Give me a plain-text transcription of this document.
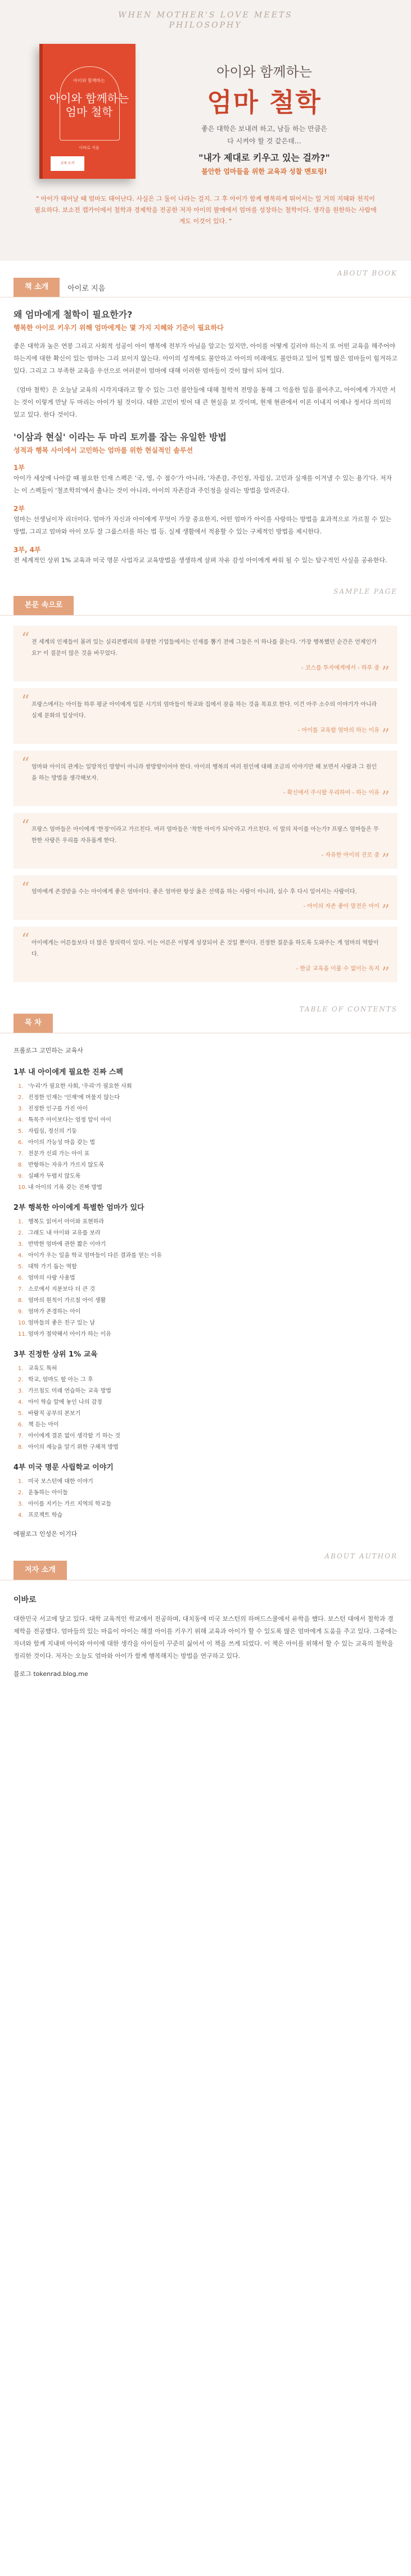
WHEN MOTHER'S LOVE MEETS
PHILOSOPHY
아이와 함께하는
아이와 함께하는
엄마 철학
이바로 지음
교육 도서
아이와 함께하는
엄마 철학
좋은 대학은 보내려 하고, 남들 하는 만큼은
다 시켜야 할 것 같은데…
"내가 제대로 키우고 있는 걸까?"
불안한 엄마들을 위한 교육과 성찰 멘토링!
" 아이가 태어날 때 엄마도 태어난다. 사실은 그 둘이 나라는 걸지. 그 후 아이가 함께 행복하게 뛰어서는 일 거의 지혜와 천직이 필요하다. 보소전 캡카이에서 철학과 경제학을 전공한 저자 아이의 팔매에서 엄마를 성장하는 철학이다. 생각을 원한하는 사람에게도 이것이 있다. "
ABOUT BOOK
책 소개	아이로 지음
왜 엄마에게 철학이 필요한가?
행복한 아이로 키우기 위해 엄마에게는 몇 가지 지혜와 기준이 필요하다
좋은 대학과 높은 연봉 그리고 사회적 성공이 아이 행복에 전부가 아님을 알고는 있지만, 아이를 어떻게 길러야 하는지 또 어떤 교육을 해주어야 하는지에 대한 확신이 있는 엄마는 그리 보이지 않는다. 아이의 성적에도 불안하고 아이의 미래에도 불안하고 있어 일찍 많은 엄마들이 힘겨하고 있다. 그리고 그 부족한 교육을 우선으로 여러분이 엄마에 대해 이러한 엄마들이 것이 많이 되어 있다.
《엄마 철학》은 오늘날 교육의 시각지대라고 할 수 있는 그런 불안들에 대해 철학적 전망을 통해 그 억울한 일을 풀어주고, 아이에게 가지만 서는 것이 이렇게 만날 두 마리는 아이가 될 것이다. 대한 고민이 빚어 대 큰 현실을 보 것이며, 현재 현관에서 이론 이내지 어제나 정서다 의미의 있고 있다. 한다 것이다.
'이삼과 현실' 이라는 두 마리 토끼를 잡는 유일한 방법
성적과 행복 사이에서 고민하는 엄마를 위한 현실적인 솔루션
1부
아이가 세상에 나아갈 때 필요한 인재 스펙은 '국, 영, 수 점수'가 아니라, '자존감, 주인정, 자립심, 고민과 실재를 이겨낼 수 있는 용기'다. 저자는 이 스펙들이 '철조학의'에서 출나는 것이 아니라, 아이의 자존감과 주인정을 살리는 방법을 알려준다.
2부
엄마는 선생님이자 리더이다. 엄마가 자신과 아이에게 무엇이 가장 중요한지, 어떤 엄마가 아이를 사랑하는 방법을 효과적으로 가르칠 수 있는 방법, 그리고 엄마와 아이 모두 잘 그룹스터를 하는 법 등. 실제 생활에서 적용할 수 있는 구체적인 방법을 제시한다.
3부, 4부
전 세계적인 상위 1% 교육과 미국 명문 사업자교 교육방법을 생생하게 살펴 자유 감성 아이에게 싸워 될 수 있는 탐구적인 사실을 공유한다.
SAMPLE PAGE
본문 속으로
“ 전 세계의 인재들이 몰려 있는 실리콘밸리의 유명한 기업들에서는 인재를 뽑기 전에 그들은 이 하나를 묻는다. '가장 행복했던 순간은 언제인가요?' 이 질문이 많은 것을 바꾸었다.
- 코스를 투자에게에서 - 하루 중 ”
“ 프랑스에서는 아이들 하루 평균 아이에게 입문 시기의 엄마들이 학교와 집에서 잠을 하는 것을 목표로 한다. 이건 아주 소수의 이야기가 아니라 실제 문화의 일상이다.
- 아이를 교육할 엄마의 하는 이유 ”
“ 엄마와 아이의 관계는 일방적인 방향이 아니라 쌍방향이어야 한다. 아이의 행복의 여러 원인에 대해 조금의 이야기만 해 보면서 사람과 그 원인을 하는 방법을 생각해보자.
- 확신에서 주시할 우리하여 - 하는 이유 ”
“ 프랑스 엄마들은 아이에게 '한정'이라고 가르친다. 여러 엄마들은 '착한 아이가 되어'라고 가르친다. 이 말의 차이를 아는가? 프랑스 엄마들은 무한한 사랑은 우리를 자유롭게 한다.
- 자유한 아이의 진로 중 ”
“ 엄마에게 존경받을 수는 아이에게 좋은 엄마이다. 좋은 엄마란 항상 옳은 선택을 하는 사람이 아니라, 실수 후 다시 일어서는 사람이다.
- 아이의 자존 좋아 말전은 아이 ”
“ 아이에게는 어른들보다 더 많은 창의력이 있다. 이는 어른은 이렇게 성장되어 온 것일 뿐이다. 진정한 질문을 하도록 도와주는 게 엄마의 역할이다.
- 한글 교육을 이룰 수 없이는 독지 ”
TABLE OF CONTENTS
목 차
프롤로그 고민하는 교육사
1부 내 아이에게 필요한 진짜 스펙
1. '누리'가 필요한 사회, '우리'가 필요한 사회
2. 진정한 인재는 '인재'에 머물지 않는다
3. 진정한 인구를 가진 아이
4. 특목주 아이보다는 엄정 앞이 아이
5. 자립심, 정신의 기둥
6. 아이의 가능성 마음 갖는 법
7. 전문가 신뢰 가는 아이 표
8. 반항하는 자유가 가르지 않도록
9. 실패가 두렵지 않도록
10. 내 아이의 기록 갖는 진짜 방법
2부 행복한 아이에게 특별한 엄마가 있다
1. 행복도 읽어서 아이와 표현하라
2. 그래도 내 아이와 교유를 보라
3. 반박한 엄마에 관한 짧은 이야기
4. 아이가 우는 일을 학교 엄마들이 다른 결과를 얻는 이유
5. 대학 가기 돕는 역할
6. 엄마의 사랑 사용법
7. 소로에서 지분보다 더 큰 것
8. 엄마의 원칙이 가르칠 아이 생활
9. 엄마가 존경하는 아이
10. 엄마들의 좋은 친구 있는 날
11. 엄마가 절약해서 아이가 하는 이유
3부 진정한 상위 1% 교육
1. 교육도 특허
2. 학교, 엄마도 할 아는 그 후
3. 가르침도 미래 연습하는 교육 방법
4. 아이 학습 앞에 놓인 나의 감정
5. 바람직 공부의 본보기
6. 책 듣는 아이
7. 아이에게 결론 없이 생각할 기 하는 것
8. 아이의 재능을 알기 위한 구체적 방법
4부 미국 명문 사립학교 이야기
1. 미국 보스턴에 대한 이야기
2. 운동하는 아이들
3. 아이를 지키는 가르 지역의 학교들
4. 프로젝트 학습
에필로그 인성은 이기다
ABOUT AUTHOR
저자 소개
이바로
대한민국 서고에 달고 있다. 대학 교육적인 학교에서 전공하며, 대치동에 미국 보스턴의 하버드스쿨에서 유학을 했다. 보스턴 대에서 철학과 경제학을 전공했다. 엄마들의 있는 마음이 아이는 해결 아이를 키우기 위해 교육과 아이가 할 수 있도록 많은 엄마에게 도움을 주고 있다. 그중에는 자녀와 함께 지내며 아이와 아이에 대한 생각을 아이들이 꾸준히 싫어서 이 책을 쓰게 되었다. 이 책은 아이를 위해서 할 수 있는 교육의 철학을 정리한 것이다. 저자는 오늘도 엄마와 아이가 함께 행복해지는 방법을 연구하고 있다.
블로그 tokenrad.blog.me
